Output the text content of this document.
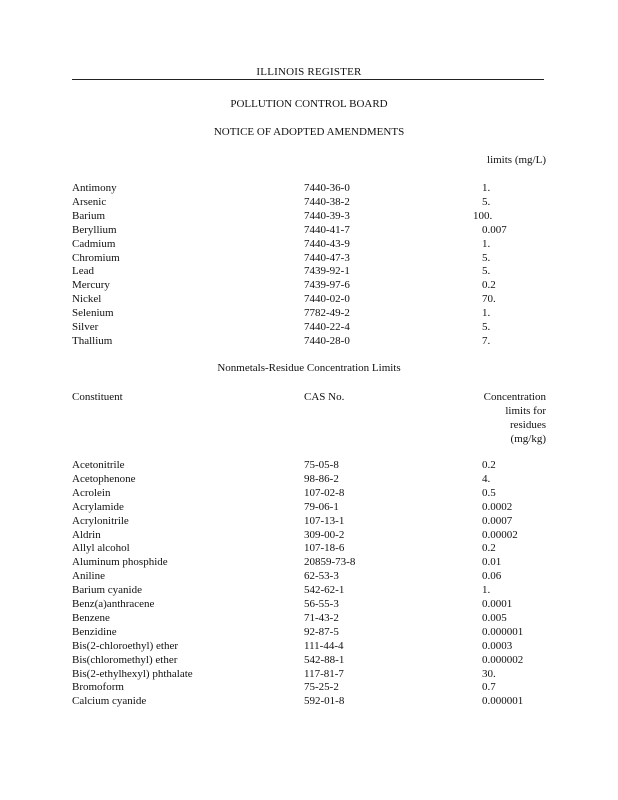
ILLINOIS REGISTER
POLLUTION CONTROL BOARD
NOTICE OF ADOPTED AMENDMENTS
limits (mg/L)
Antimony	7440-36-0	1.
Arsenic	7440-38-2	5.
Barium	7440-39-3	100.
Beryllium	7440-41-7	0.007
Cadmium	7440-43-9	1.
Chromium	7440-47-3	5.
Lead	7439-92-1	5.
Mercury	7439-97-6	0.2
Nickel	7440-02-0	70.
Selenium	7782-49-2	1.
Silver	7440-22-4	5.
Thallium	7440-28-0	7.
Nonmetals-Residue Concentration Limits
Constituent	CAS No.	Concentration
limits for
residues
(mg/kg)
Acetonitrile	75-05-8	0.2
Acetophenone	98-86-2	4.
Acrolein	107-02-8	0.5
Acrylamide	79-06-1	0.0002
Acrylonitrile	107-13-1	0.0007
Aldrin	309-00-2	0.00002
Allyl alcohol	107-18-6	0.2
Aluminum phosphide	20859-73-8	0.01
Aniline	62-53-3	0.06
Barium cyanide	542-62-1	1.
Benz(a)anthracene	56-55-3	0.0001
Benzene	71-43-2	0.005
Benzidine	92-87-5	0.000001
Bis(2-chloroethyl) ether	111-44-4	0.0003
Bis(chloromethyl) ether	542-88-1	0.000002
Bis(2-ethylhexyl) phthalate	117-81-7	30.
Bromoform	75-25-2	0.7
Calcium cyanide	592-01-8	0.000001
